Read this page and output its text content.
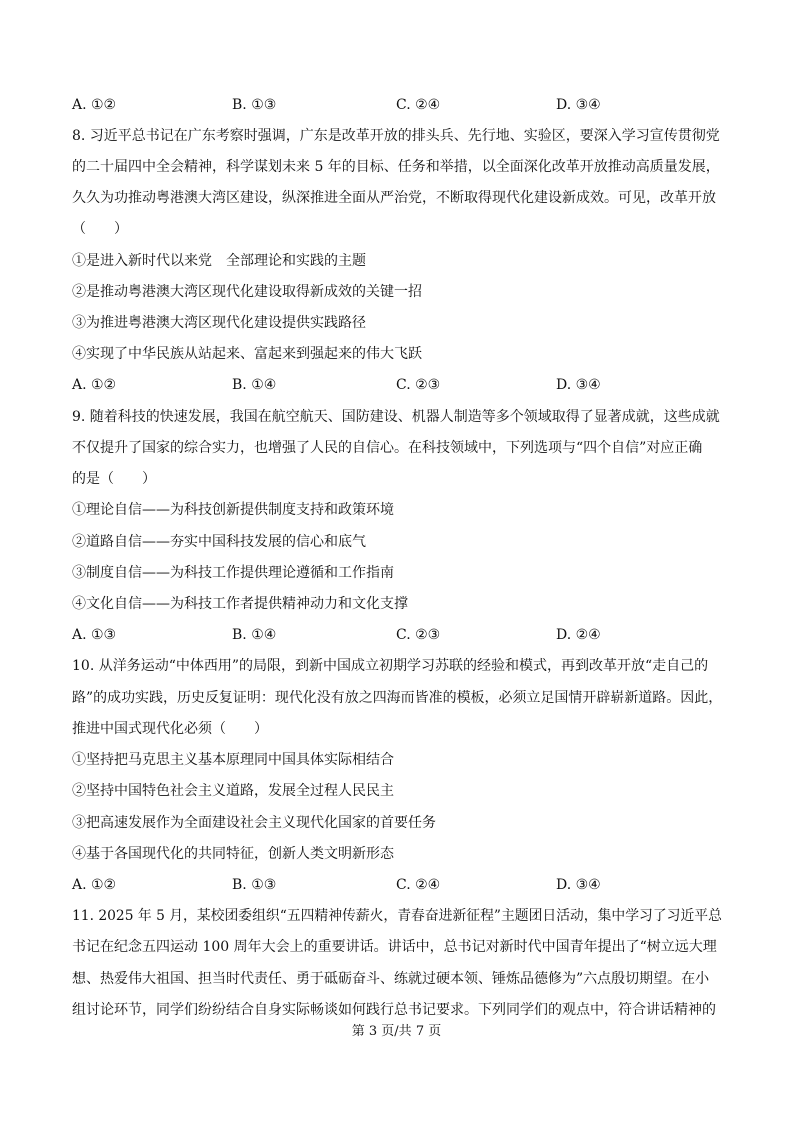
A. ①②	B. ①③	C. ②④	D. ③④
8. 习近平总书记在广东考察时强调，广东是改革开放的排头兵、先行地、实验区，要深入学习宣传贯彻党
的二十届四中全会精神，科学谋划未来 5 年的目标、任务和举措，以全面深化改革开放推动高质量发展，
久久为功推动粤港澳大湾区建设，纵深推进全面从严治党，不断取得现代化建设新成效。可见，改革开放
（　　）
①是进入新时代以来党　全部理论和实践的主题
②是推动粤港澳大湾区现代化建设取得新成效的关键一招
③为推进粤港澳大湾区现代化建设提供实践路径
④实现了中华民族从站起来、富起来到强起来的伟大飞跃
A. ①②	B. ①④	C. ②③	D. ③④
9. 随着科技的快速发展，我国在航空航天、国防建设、机器人制造等多个领域取得了显著成就，这些成就
不仅提升了国家的综合实力，也增强了人民的自信心。在科技领域中，下列选项与“四个自信”对应正确
的是（　　）
①理论自信——为科技创新提供制度支持和政策环境
②道路自信——夯实中国科技发展的信心和底气
③制度自信——为科技工作提供理论遵循和工作指南
④文化自信——为科技工作者提供精神动力和文化支撑
A. ①③	B. ①④	C. ②③	D. ②④
10. 从洋务运动“中体西用”的局限，到新中国成立初期学习苏联的经验和模式，再到改革开放“走自己的
路”的成功实践，历史反复证明：现代化没有放之四海而皆准的模板，必须立足国情开辟崭新道路。因此，
推进中国式现代化必须（　　）
①坚持把马克思主义基本原理同中国具体实际相结合
②坚持中国特色社会主义道路，发展全过程人民民主
③把高速发展作为全面建设社会主义现代化国家的首要任务
④基于各国现代化的共同特征，创新人类文明新形态
A. ①②	B. ①③	C. ②④	D. ③④
11. 2025 年 5 月，某校团委组织“五四精神传薪火，青春奋进新征程”主题团日活动，集中学习了习近平总
书记在纪念五四运动 100 周年大会上的重要讲话。讲话中，总书记对新时代中国青年提出了“树立远大理
想、热爱伟大祖国、担当时代责任、勇于砥砺奋斗、练就过硬本领、锤炼品德修为”六点殷切期望。在小
组讨论环节，同学们纷纷结合自身实际畅谈如何践行总书记要求。下列同学们的观点中，符合讲话精神的
第 3 页/共 7 页
